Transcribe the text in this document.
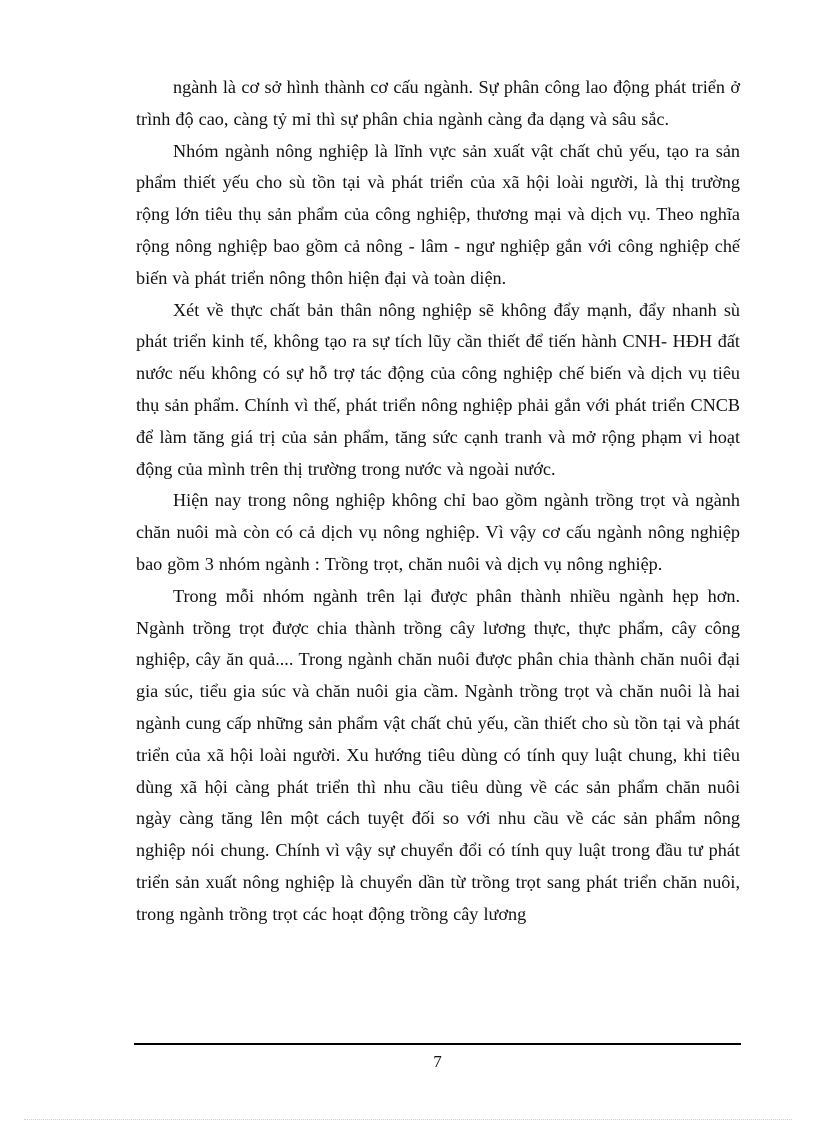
ngành là cơ sở hình thành cơ cấu ngành. Sự phân công lao động phát triển ở trình độ cao, càng tỷ mỉ thì sự phân chia ngành càng đa dạng và sâu sắc.

Nhóm ngành nông nghiệp là lĩnh vực sản xuất vật chất chủ yếu, tạo ra sản phẩm thiết yếu cho sù tồn tại và phát triển của xã hội loài người, là thị trường rộng lớn tiêu thụ sản phẩm của công nghiệp, thương mại và dịch vụ. Theo nghĩa rộng nông nghiệp bao gồm cả nông - lâm - ngư nghiệp gắn với công nghiệp chế biến và phát triển nông thôn hiện đại và toàn diện.

Xét về thực chất bản thân nông nghiệp sẽ không đẩy mạnh, đẩy nhanh sù phát triển kinh tế, không tạo ra sự tích lũy cần thiết để tiến hành CNH- HĐH đất nước nếu không có sự hỗ trợ tác động của công nghiệp chế biến và dịch vụ tiêu thụ sản phẩm. Chính vì thế, phát triển nông nghiệp phải gắn với phát triển CNCB để làm tăng giá trị của sản phẩm, tăng sức cạnh tranh và mở rộng phạm vi hoạt động của mình trên thị trường trong nước và ngoài nước.

Hiện nay trong nông nghiệp không chỉ bao gồm ngành trồng trọt và ngành chăn nuôi mà còn có cả dịch vụ nông nghiệp. Vì vậy cơ cấu ngành nông nghiệp bao gồm 3 nhóm ngành : Trồng trọt, chăn nuôi và dịch vụ nông nghiệp.

Trong mỗi nhóm ngành trên lại được phân thành nhiều ngành hẹp hơn. Ngành trồng trọt được chia thành trồng cây lương thực, thực phẩm, cây công nghiệp, cây ăn quả.... Trong ngành chăn nuôi được phân chia thành chăn nuôi đại gia súc, tiểu gia súc và chăn nuôi gia cầm. Ngành trồng trọt và chăn nuôi là hai ngành cung cấp những sản phẩm vật chất chủ yếu, cần thiết cho sù tồn tại và phát triển của xã hội loài người. Xu hướng tiêu dùng có tính quy luật chung, khi tiêu dùng xã hội càng phát triển thì nhu cầu tiêu dùng về các sản phẩm chăn nuôi ngày càng tăng lên một cách tuyệt đối so với nhu cầu về các sản phẩm nông nghiệp nói chung. Chính vì vậy sự chuyển đổi có tính quy luật trong đầu tư phát triển sản xuất nông nghiệp là chuyển dần từ trồng trọt sang phát triển chăn nuôi, trong ngành trồng trọt các hoạt động trồng cây lương

7
